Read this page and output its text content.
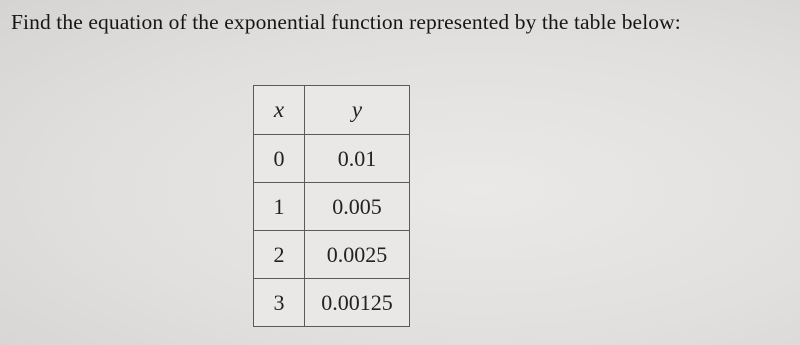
Find the equation of the exponential function represented by the table below:
x	y
0	0.01
1	0.005
2	0.0025
3	0.00125
